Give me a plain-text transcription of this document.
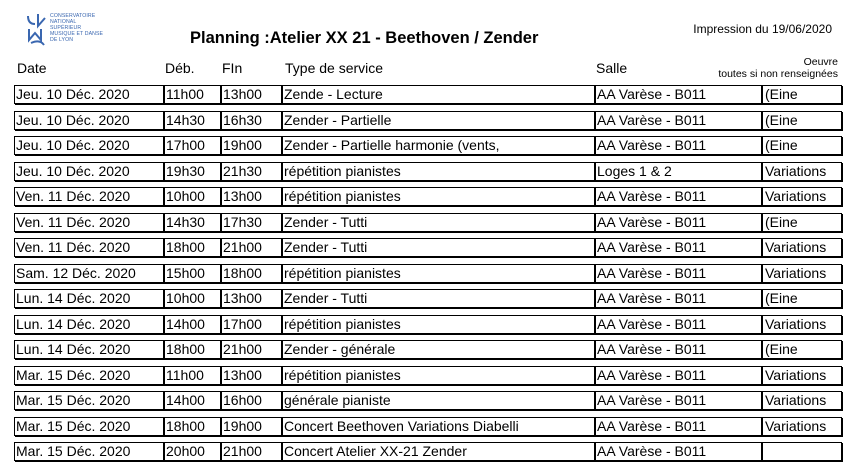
CONSERVATOIRE
NATIONAL
SUPÉRIEUR
MUSIQUE ET DANSE
DE LYON	Planning :Atelier XX 21 - Beethoven / Zender	Impression du 19/06/2020
Date	Déb. FIn	Type de service	Salle	Oeuvre
toutes si non renseignées
Jeu. 10 Déc. 2020	11h00	13h00	Zende - Lecture	AA Varèse - B011	(Eine
Jeu. 10 Déc. 2020	14h30	16h30	Zender - Partielle	AA Varèse - B011	(Eine
Jeu. 10 Déc. 2020	17h00	19h00	Zender - Partielle harmonie (vents,	AA Varèse - B011	(Eine
Jeu. 10 Déc. 2020	19h30	21h30	répétition pianistes	Loges 1 & 2	Variations
Ven. 11 Déc. 2020	10h00	13h00	répétition pianistes	AA Varèse - B011	Variations
Ven. 11 Déc. 2020	14h30	17h30	Zender - Tutti	AA Varèse - B011	(Eine
Ven. 11 Déc. 2020	18h00	21h00	Zender - Tutti	AA Varèse - B011	Variations
Sam. 12 Déc. 2020	15h00	18h00	répétition pianistes	AA Varèse - B011	Variations
Lun. 14 Déc. 2020	10h00	13h00	Zender - Tutti	AA Varèse - B011	(Eine
Lun. 14 Déc. 2020	14h00	17h00	répétition pianistes	AA Varèse - B011	Variations
Lun. 14 Déc. 2020	18h00	21h00	Zender - générale	AA Varèse - B011	(Eine
Mar. 15 Déc. 2020	11h00	13h00	répétition pianistes	AA Varèse - B011	Variations
Mar. 15 Déc. 2020	14h00	16h00	générale pianiste	AA Varèse - B011	Variations
Mar. 15 Déc. 2020	18h00	19h00	Concert Beethoven Variations Diabelli	AA Varèse - B011	Variations
Mar. 15 Déc. 2020	20h00	21h00	Concert Atelier XX-21 Zender	AA Varèse - B011
